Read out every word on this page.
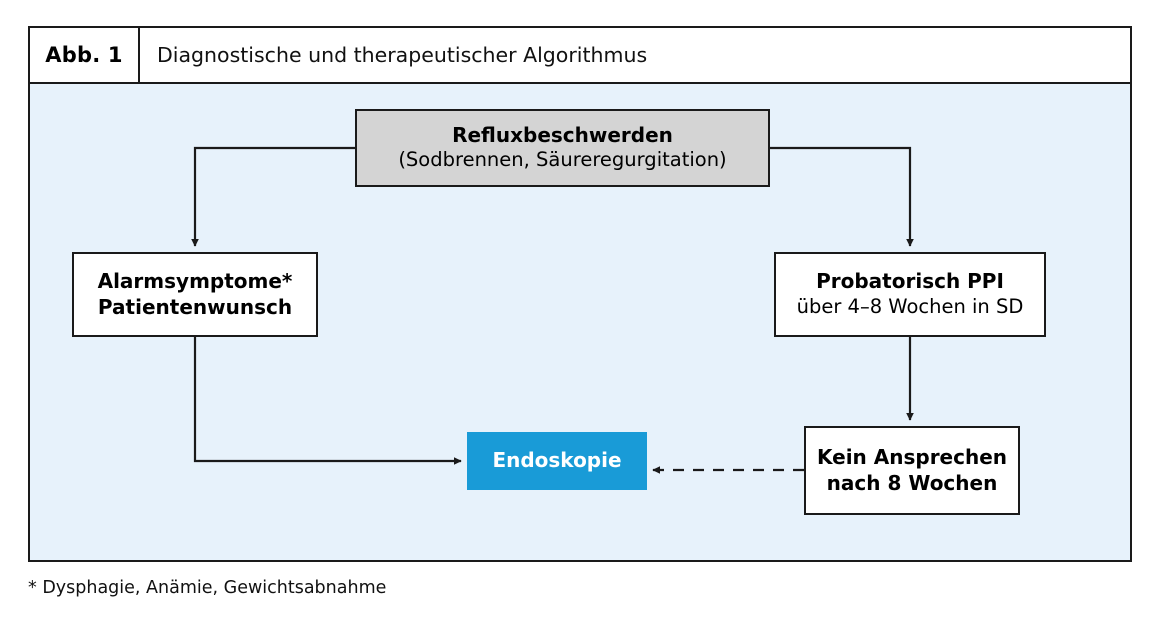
Abb. 1	Diagnostische und therapeutischer Algorithmus
Refluxbeschwerden
(Sodbrennen, Säureregurgitation)
Alarmsymptome*
Patientenwunsch
Probatorisch PPI
über 4–8 Wochen in SD
Kein Ansprechen
nach 8 Wochen
Endoskopie
* Dysphagie, Anämie, Gewichtsabnahme
